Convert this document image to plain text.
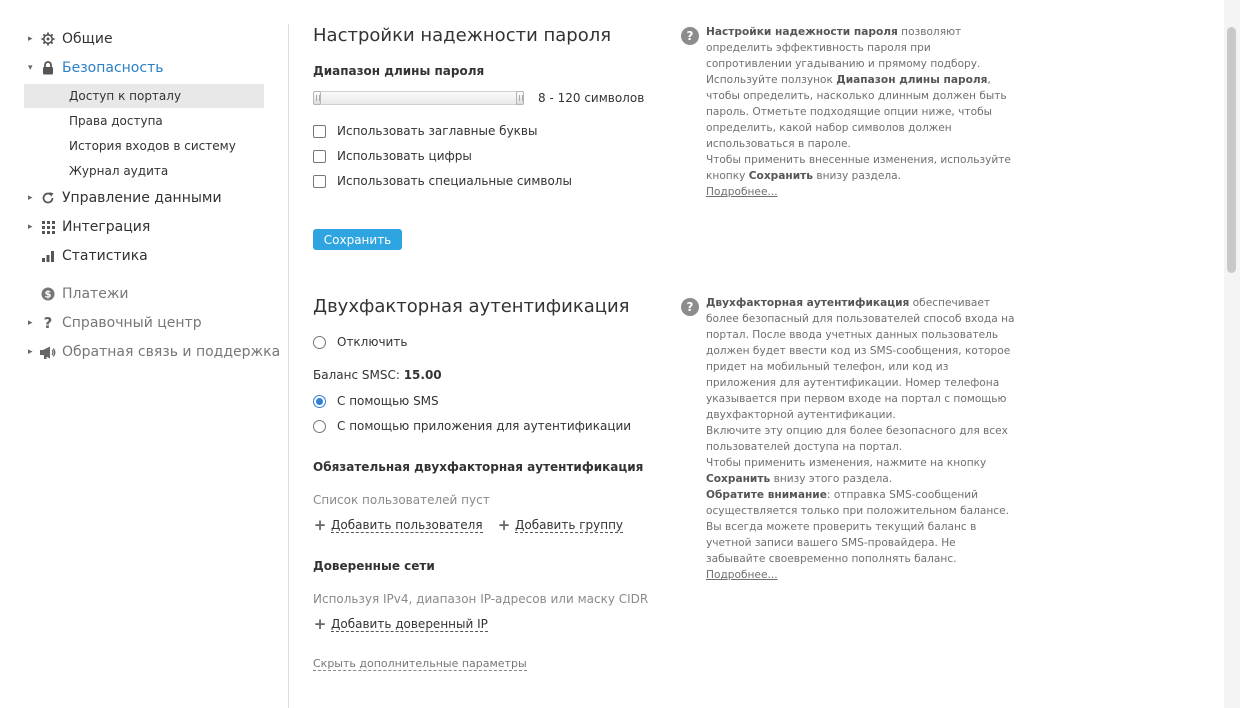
▸	Общие
▾	Безопасность
Доступ к порталу
Права доступа
История входов в систему
Журнал аудита
▸	Управление данными
▸	Интеграция
Статистика
$ Платежи
▸ ? Справочный центр
▸	Обратная связь и поддержка
Настройки надежности пароля
Диапазон длины пароля
8 - 120 символов
Использовать заглавные буквы
Использовать цифры
Использовать специальные символы
Сохранить
Двухфакторная аутентификация
Отключить
Баланс SMSC: 15.00
С помощью SMS
С помощью приложения для аутентификации
Обязательная двухфакторная аутентификация
Список пользователей пуст
+ Добавить пользователя + Добавить группу
Доверенные сети
Используя IPv4, диапазон IP-адресов или маску CIDR
+ Добавить доверенный IP
Скрыть дополнительные параметры
?	Настройки надежности пароля позволяют определить эффективность пароля при сопротивлении угадыванию и прямому подбору.
Используйте ползунок Диапазон длины пароля, чтобы определить, насколько длинным должен быть пароль. Отметьте подходящие опции ниже, чтобы определить, какой набор символов должен использоваться в пароле.
Чтобы применить внесенные изменения, используйте кнопку Сохранить внизу раздела.
Подробнее...
?	Двухфакторная аутентификация обеспечивает более безопасный для пользователей способ входа на портал. После ввода учетных данных пользователь должен будет ввести код из SMS-сообщения, которое придет на мобильный телефон, или код из приложения для аутентификации. Номер телефона указывается при первом входе на портал с помощью двухфакторной аутентификации.
Включите эту опцию для более безопасного для всех пользователей доступа на портал.
Чтобы применить изменения, нажмите на кнопку Сохранить внизу этого раздела.
Обратите внимание: отправка SMS-сообщений осуществляется только при положительном балансе. Вы всегда можете проверить текущий баланс в учетной записи вашего SMS-провайдера. Не забывайте своевременно пополнять баланс.
Подробнее...
